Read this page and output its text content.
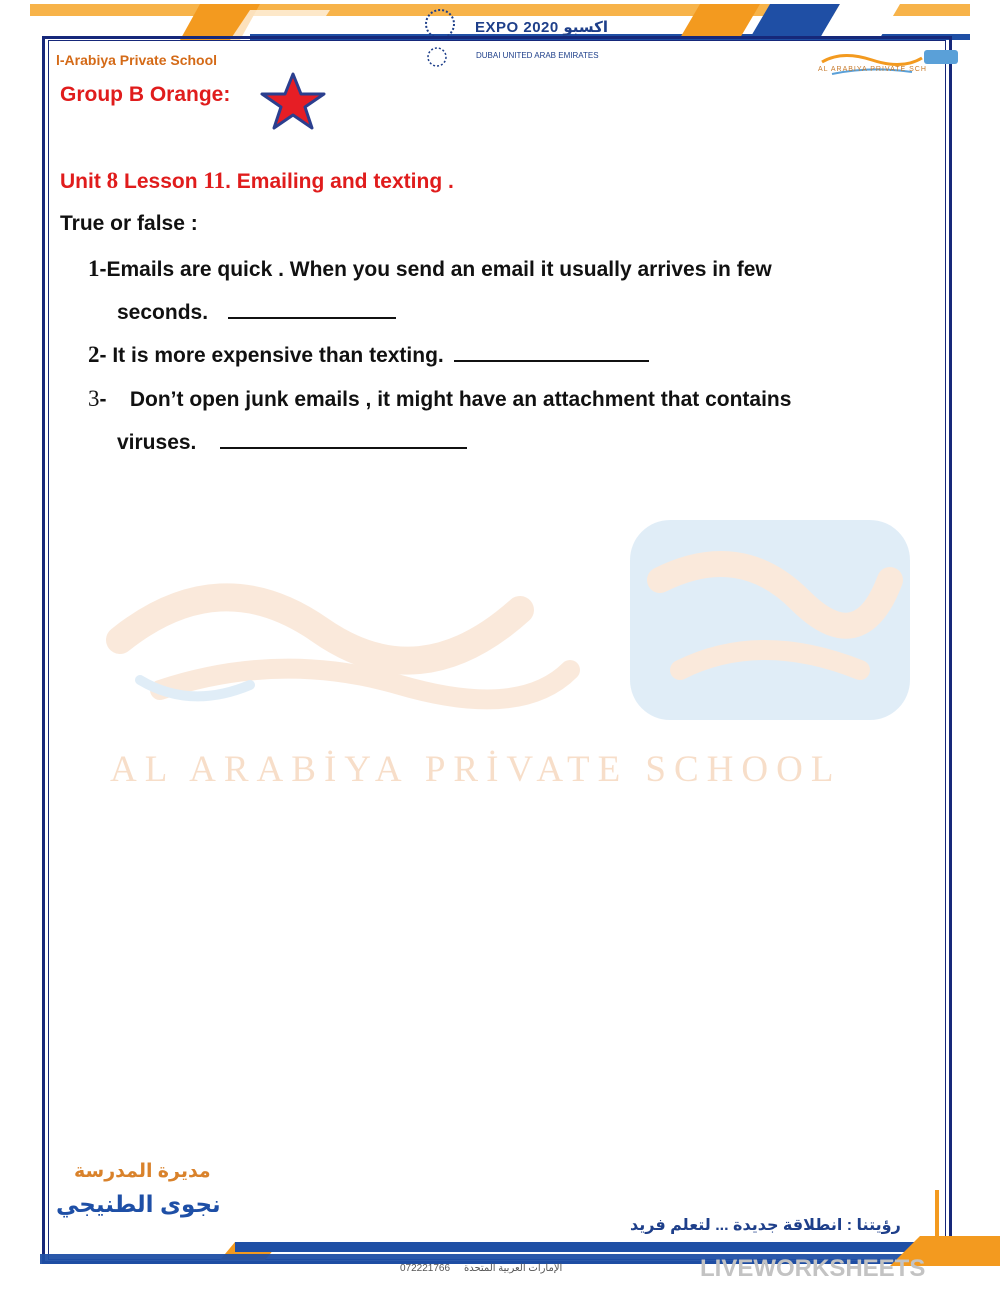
EXPO 2020 اكسبو
DUBAI UNITED ARAB EMIRATES
l-Arabiya Private School
AL ARABIYA PRIVATE SCH
Group B Orange:
Unit 8 Lesson 11. Emailing and texting .
True or false :
1-Emails are quick . When you send an email it usually arrives in few
seconds.
2- It is more expensive than texting.
3-    Don’t open junk emails , it might have an attachment that contains
viruses.
AL ARABİYA PRİVATE SCHOOL
مديرة المدرسة
نجوى الطنيجي
رؤيتنا : انطلاقة جديدة ... لتعلم فريد
الإمارات العربية المتحدة     072221766	LIVEWORKSHEETS
